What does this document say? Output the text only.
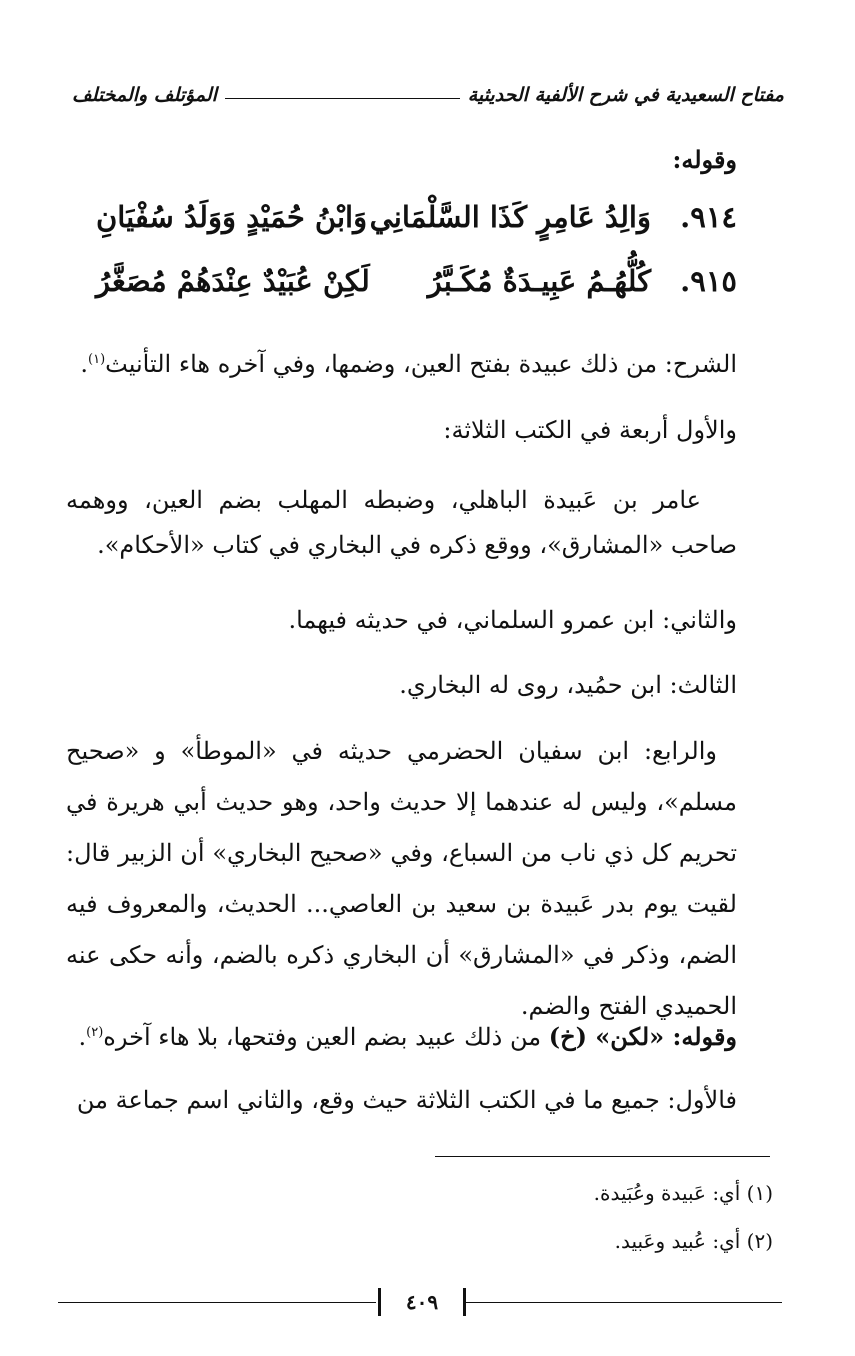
مفتاح السعيدية في شرح الألفية الحديثية
المؤتلف والمختلف
وقوله:
٩١٤.
وَالِدُ عَامِرٍ كَذَا السَّلْمَانِي
وَابْنُ حُمَيْدٍ وَوَلَدُ سُفْيَانِ
٩١٥.
كُلُّهُـمُ عَبِيـدَةٌ مُكَـبَّرُ
لَكِنْ عُبَيْدٌ عِنْدَهُمْ مُصَغَّرُ
الشرح: من ذلك عبيدة بفتح العين، وضمها، وفي آخره هاء التأنيث$^{(١)}$.
والأول أربعة في الكتب الثلاثة:
عامر بن عَبيدة الباهلي، وضبطه المهلب بضم العين، ووهمه صاحب «المشارق»، ووقع ذكره في البخاري في كتاب «الأحكام».
والثاني: ابن عمرو السلماني، في حديثه فيهما.
الثالث: ابن حمُيد، روى له البخاري.
والرابع: ابن سفيان الحضرمي حديثه في «الموطأ» و «صحيح مسلم»، وليس له عندهما إلا حديث واحد، وهو حديث أبي هريرة في تحريم كل ذي ناب من السباع، وفي «صحيح البخاري» أن الزبير قال: لقيت يوم بدر عَبيدة بن سعيد بن العاصي... الحديث، والمعروف فيه الضم، وذكر في «المشارق» أن البخاري ذكره بالضم، وأنه حكى عنه الحميدي الفتح والضم.
وقوله: «لكن» (خ) من ذلك عبيد بضم العين وفتحها، بلا هاء آخره$^{(٢)}$.
فالأول: جميع ما في الكتب الثلاثة حيث وقع، والثاني اسم جماعة من
(١) أي: عَبيدة وعُبَيدة.
(٢) أي: عُبيد وعَبيد.
٤٠٩
